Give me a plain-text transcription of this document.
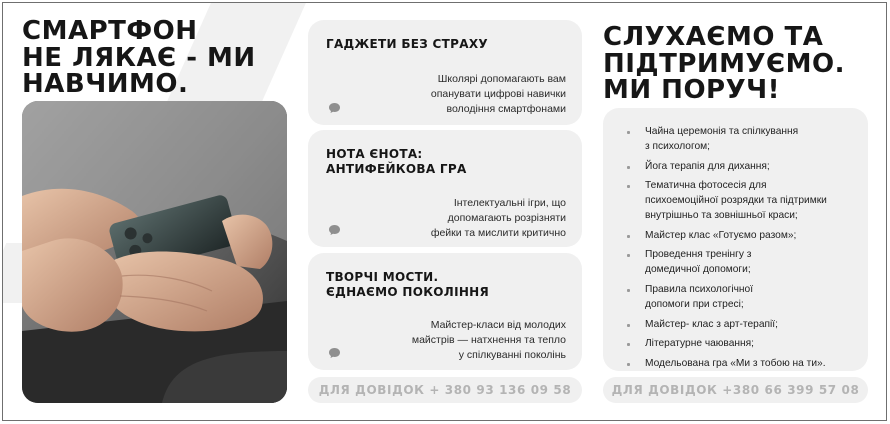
СМАРТФОН
НЕ ЛЯКАЄ - МИ
НАВЧИМО.
ГАДЖЕТИ БЕЗ СТРАХУ
Школярі допомагають вам
опанувати цифрові навички
володіння смартфонами
НОТА ЄНОТА:
АНТИФЕЙКОВА ГРА
Інтелектуальні ігри, що
допомагають розрізняти
фейки та мислити критично
ТВОРЧІ МОСТИ.
ЄДНАЄМО ПОКОЛІННЯ
Майстер-класи від молодих
майстрів — натхнення та тепло
у спілкуванні поколінь
ДЛЯ ДОВІДОК + 380 93 136 09 58
СЛУХАЄМО ТА
ПІДТРИМУЄМО.
МИ ПОРУЧ!
Чайна церемонія та спілкування
з психологом;
Йога терапія для дихання;
Тематична фотосесія для
психоемоційної розрядки та підтримки
внутрішньо та зовнішньої краси;
Майстер клас «Готуємо разом»;
Проведення тренінгу з
домедичної допомоги;
Правила психологічної
допомоги при стресі;
Майстер- клас з арт-терапії;
Літературне чаювання;
Модельована гра «Ми з тобою на ти».
ДЛЯ ДОВІДОК +380 66 399 57 08
